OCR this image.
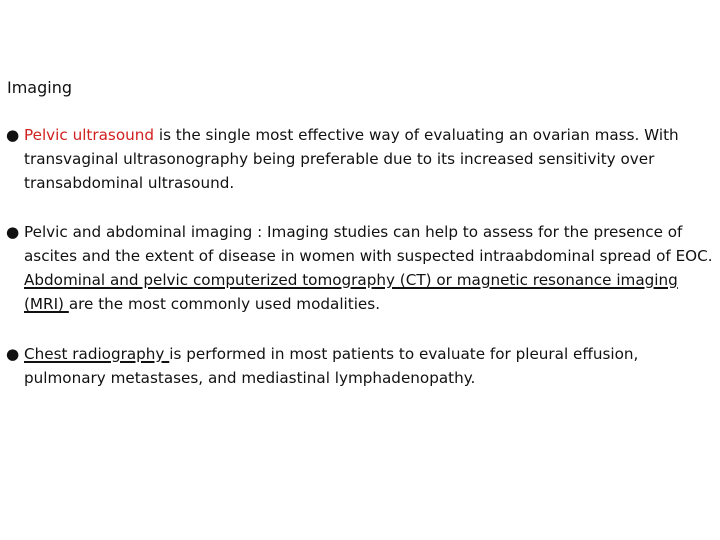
Imaging

● Pelvic ultrasound is the single most effective way of evaluating an ovarian mass. With transvaginal ultrasonography being preferable due to its increased sensitivity over transabdominal ultrasound.

● Pelvic and abdominal imaging : Imaging studies can help to assess for the presence of ascites and the extent of disease in women with suspected intraabdominal spread of EOC. Abdominal and pelvic computerized tomography (CT) or magnetic resonance imaging (MRI) are the most commonly used modalities.

● Chest radiography is performed in most patients to evaluate for pleural effusion, pulmonary metastases, and mediastinal lymphadenopathy.
